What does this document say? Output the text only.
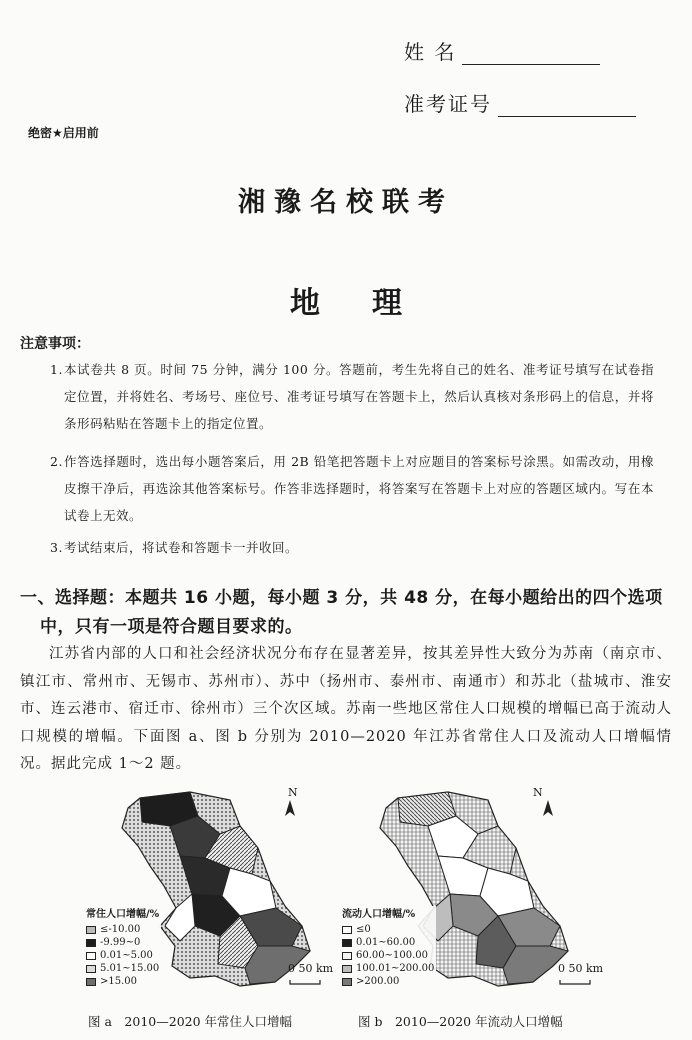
姓 名
准考证号
绝密★启用前
湘豫名校联考
地 理
注意事项：
1. 本试卷共 8 页。时间 75 分钟，满分 100 分。答题前，考生先将自己的姓名、准考证号填写在试卷指定位置，并将姓名、考场号、座位号、准考证号填写在答题卡上，然后认真核对条形码上的信息，并将条形码粘贴在答题卡上的指定位置。
2. 作答选择题时，选出每小题答案后，用 2B 铅笔把答题卡上对应题目的答案标号涂黑。如需改动，用橡皮擦干净后，再选涂其他答案标号。作答非选择题时，将答案写在答题卡上对应的答题区域内。写在本试卷上无效。
3. 考试结束后，将试卷和答题卡一并收回。
一、选择题：本题共 16 小题，每小题 3 分，共 48 分，在每小题给出的四个选项
中，只有一项是符合题目要求的。
江苏省内部的人口和社会经济状况分布存在显著差异，按其差异性大致分为苏南（南京市、镇江市、常州市、无锡市、苏州市）、苏中（扬州市、泰州市、南通市）和苏北（盐城市、淮安市、连云港市、宿迁市、徐州市）三个次区域。苏南一些地区常住人口规模的增幅已高于流动人口规模的增幅。下面图 a、图 b 分别为 2010—2020 年江苏省常住人口及流动人口增幅情况。据此完成 1～2 题。
N
常住人口增幅/%
≤-10.00
-9.99~0
0.01~5.00
5.01~15.00
>15.00
0 50 km
N
流动人口增幅/%
≤0
0.01~60.00
60.00~100.00
100.01~200.00
>200.00
0 50 km
图 a　2010—2020 年常住人口增幅	图 b　2010—2020 年流动人口增幅
